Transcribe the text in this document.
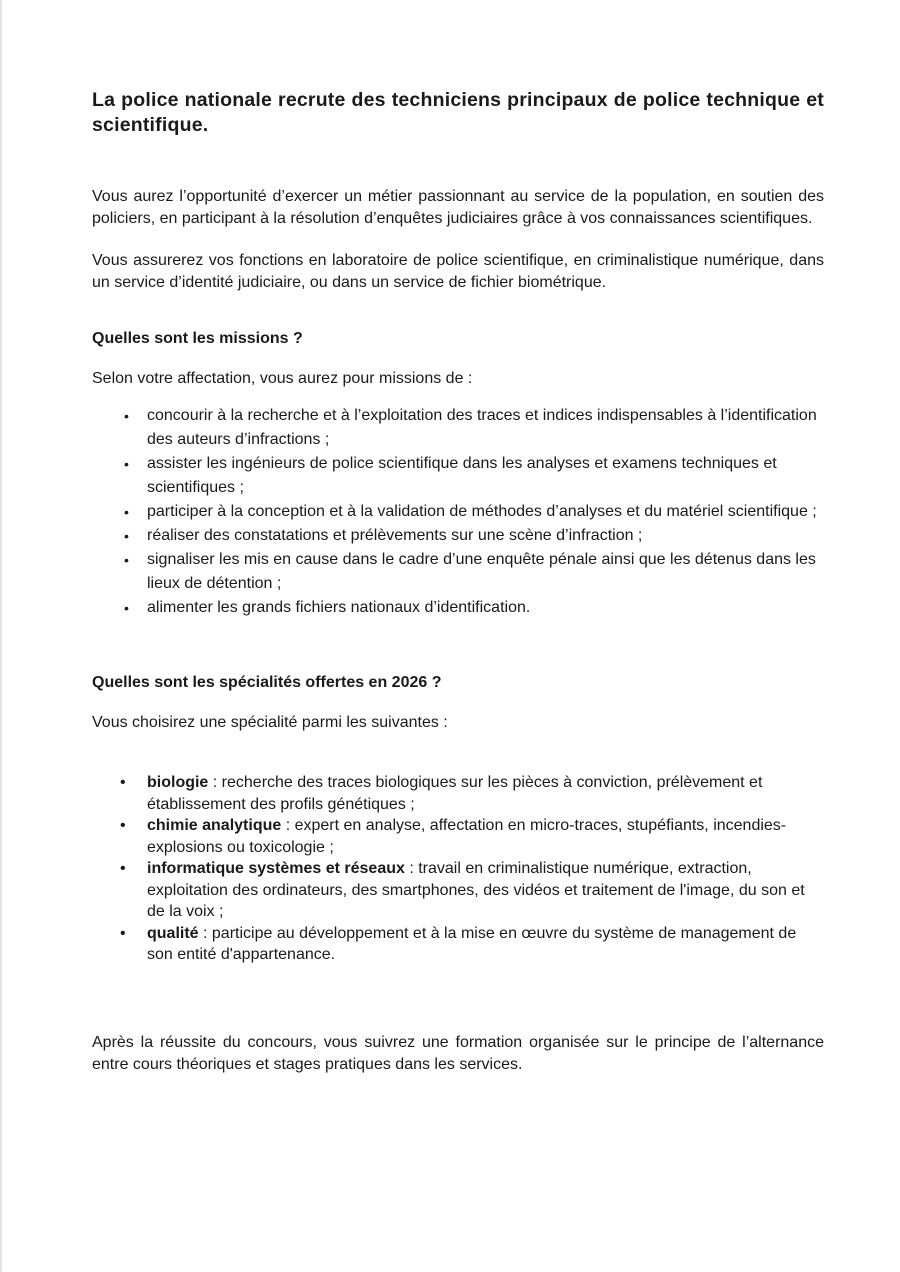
La police nationale recrute des techniciens principaux de police technique et scientifique.

Vous aurez l’opportunité d’exercer un métier passionnant au service de la population, en soutien des policiers, en participant à la résolution d’enquêtes judiciaires grâce à vos connaissances scientifiques.

Vous assurerez vos fonctions en laboratoire de police scientifique, en criminalistique numérique, dans un service d’identité judiciaire, ou dans un service de fichier biométrique.

Quelles sont les missions ?

Selon votre affectation, vous aurez pour missions de :

• concourir à la recherche et à l’exploitation des traces et indices indispensables à l’identification des auteurs d’infractions ;
• assister les ingénieurs de police scientifique dans les analyses et examens techniques et scientifiques ;
• participer à la conception et à la validation de méthodes d’analyses et du matériel scientifique ;
• réaliser des constatations et prélèvements sur une scène d’infraction ;
• signaliser les mis en cause dans le cadre d’une enquête pénale ainsi que les détenus dans les lieux de détention ;
• alimenter les grands fichiers nationaux d’identification.
Quelles sont les spécialités offertes en 2026 ?

Vous choisirez une spécialité parmi les suivantes :

• biologie : recherche des traces biologiques sur les pièces à conviction, prélèvement et établissement des profils génétiques ;
• chimie analytique : expert en analyse, affectation en micro-traces, stupéfiants, incendies-explosions ou toxicologie ;
• informatique systèmes et réseaux : travail en criminalistique numérique, extraction, exploitation des ordinateurs, des smartphones, des vidéos et traitement de l'image, du son et de la voix ;
• qualité : participe au développement et à la mise en œuvre du système de management de son entité d'appartenance.

Après la réussite du concours, vous suivrez une formation organisée sur le principe de l’alternance entre cours théoriques et stages pratiques dans les services.
